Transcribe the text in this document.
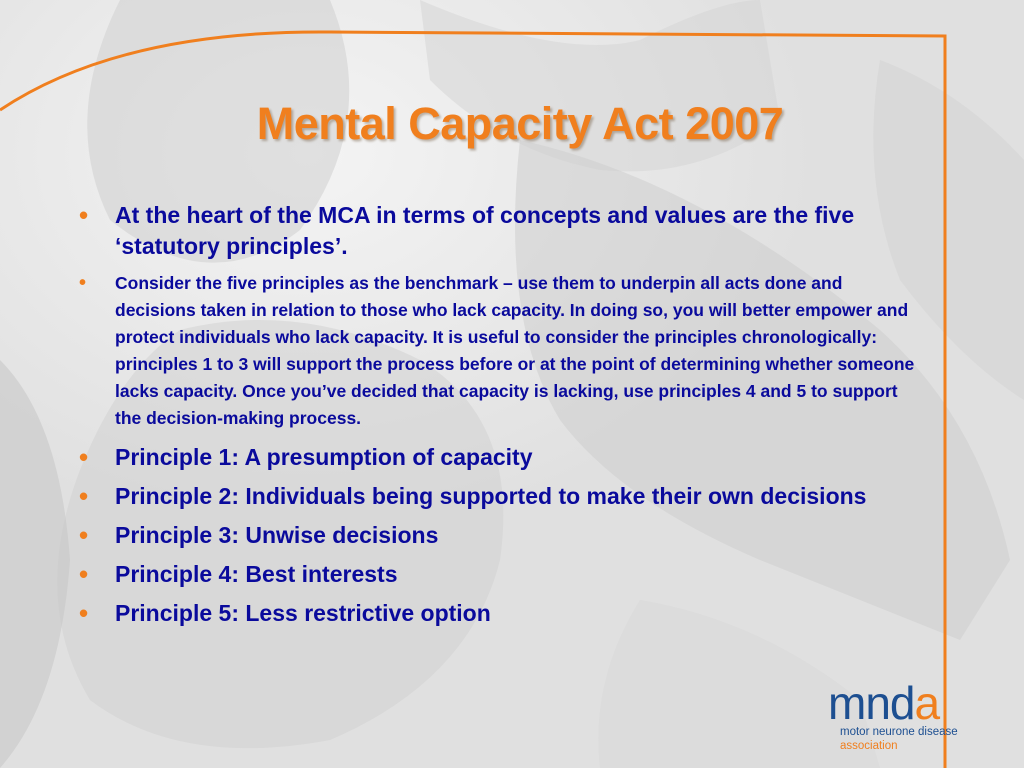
Mental Capacity Act 2007
• At the heart of the MCA in terms of concepts and values are the five ‘statutory principles’.
• Consider the five principles as the benchmark – use them to underpin all acts done and decisions taken in relation to those who lack capacity. In doing so, you will better empower and protect individuals who lack capacity. It is useful to consider the principles chronologically: principles 1 to 3 will support the process before or at the point of determining whether someone lacks capacity. Once you’ve decided that capacity is lacking, use principles 4 and 5 to support the decision-making process.
• Principle 1: A presumption of capacity
• Principle 2: Individuals being supported to make their own decisions
• Principle 3: Unwise decisions
• Principle 4: Best interests
• Principle 5: Less restrictive option
mnda
motor neurone disease
association
